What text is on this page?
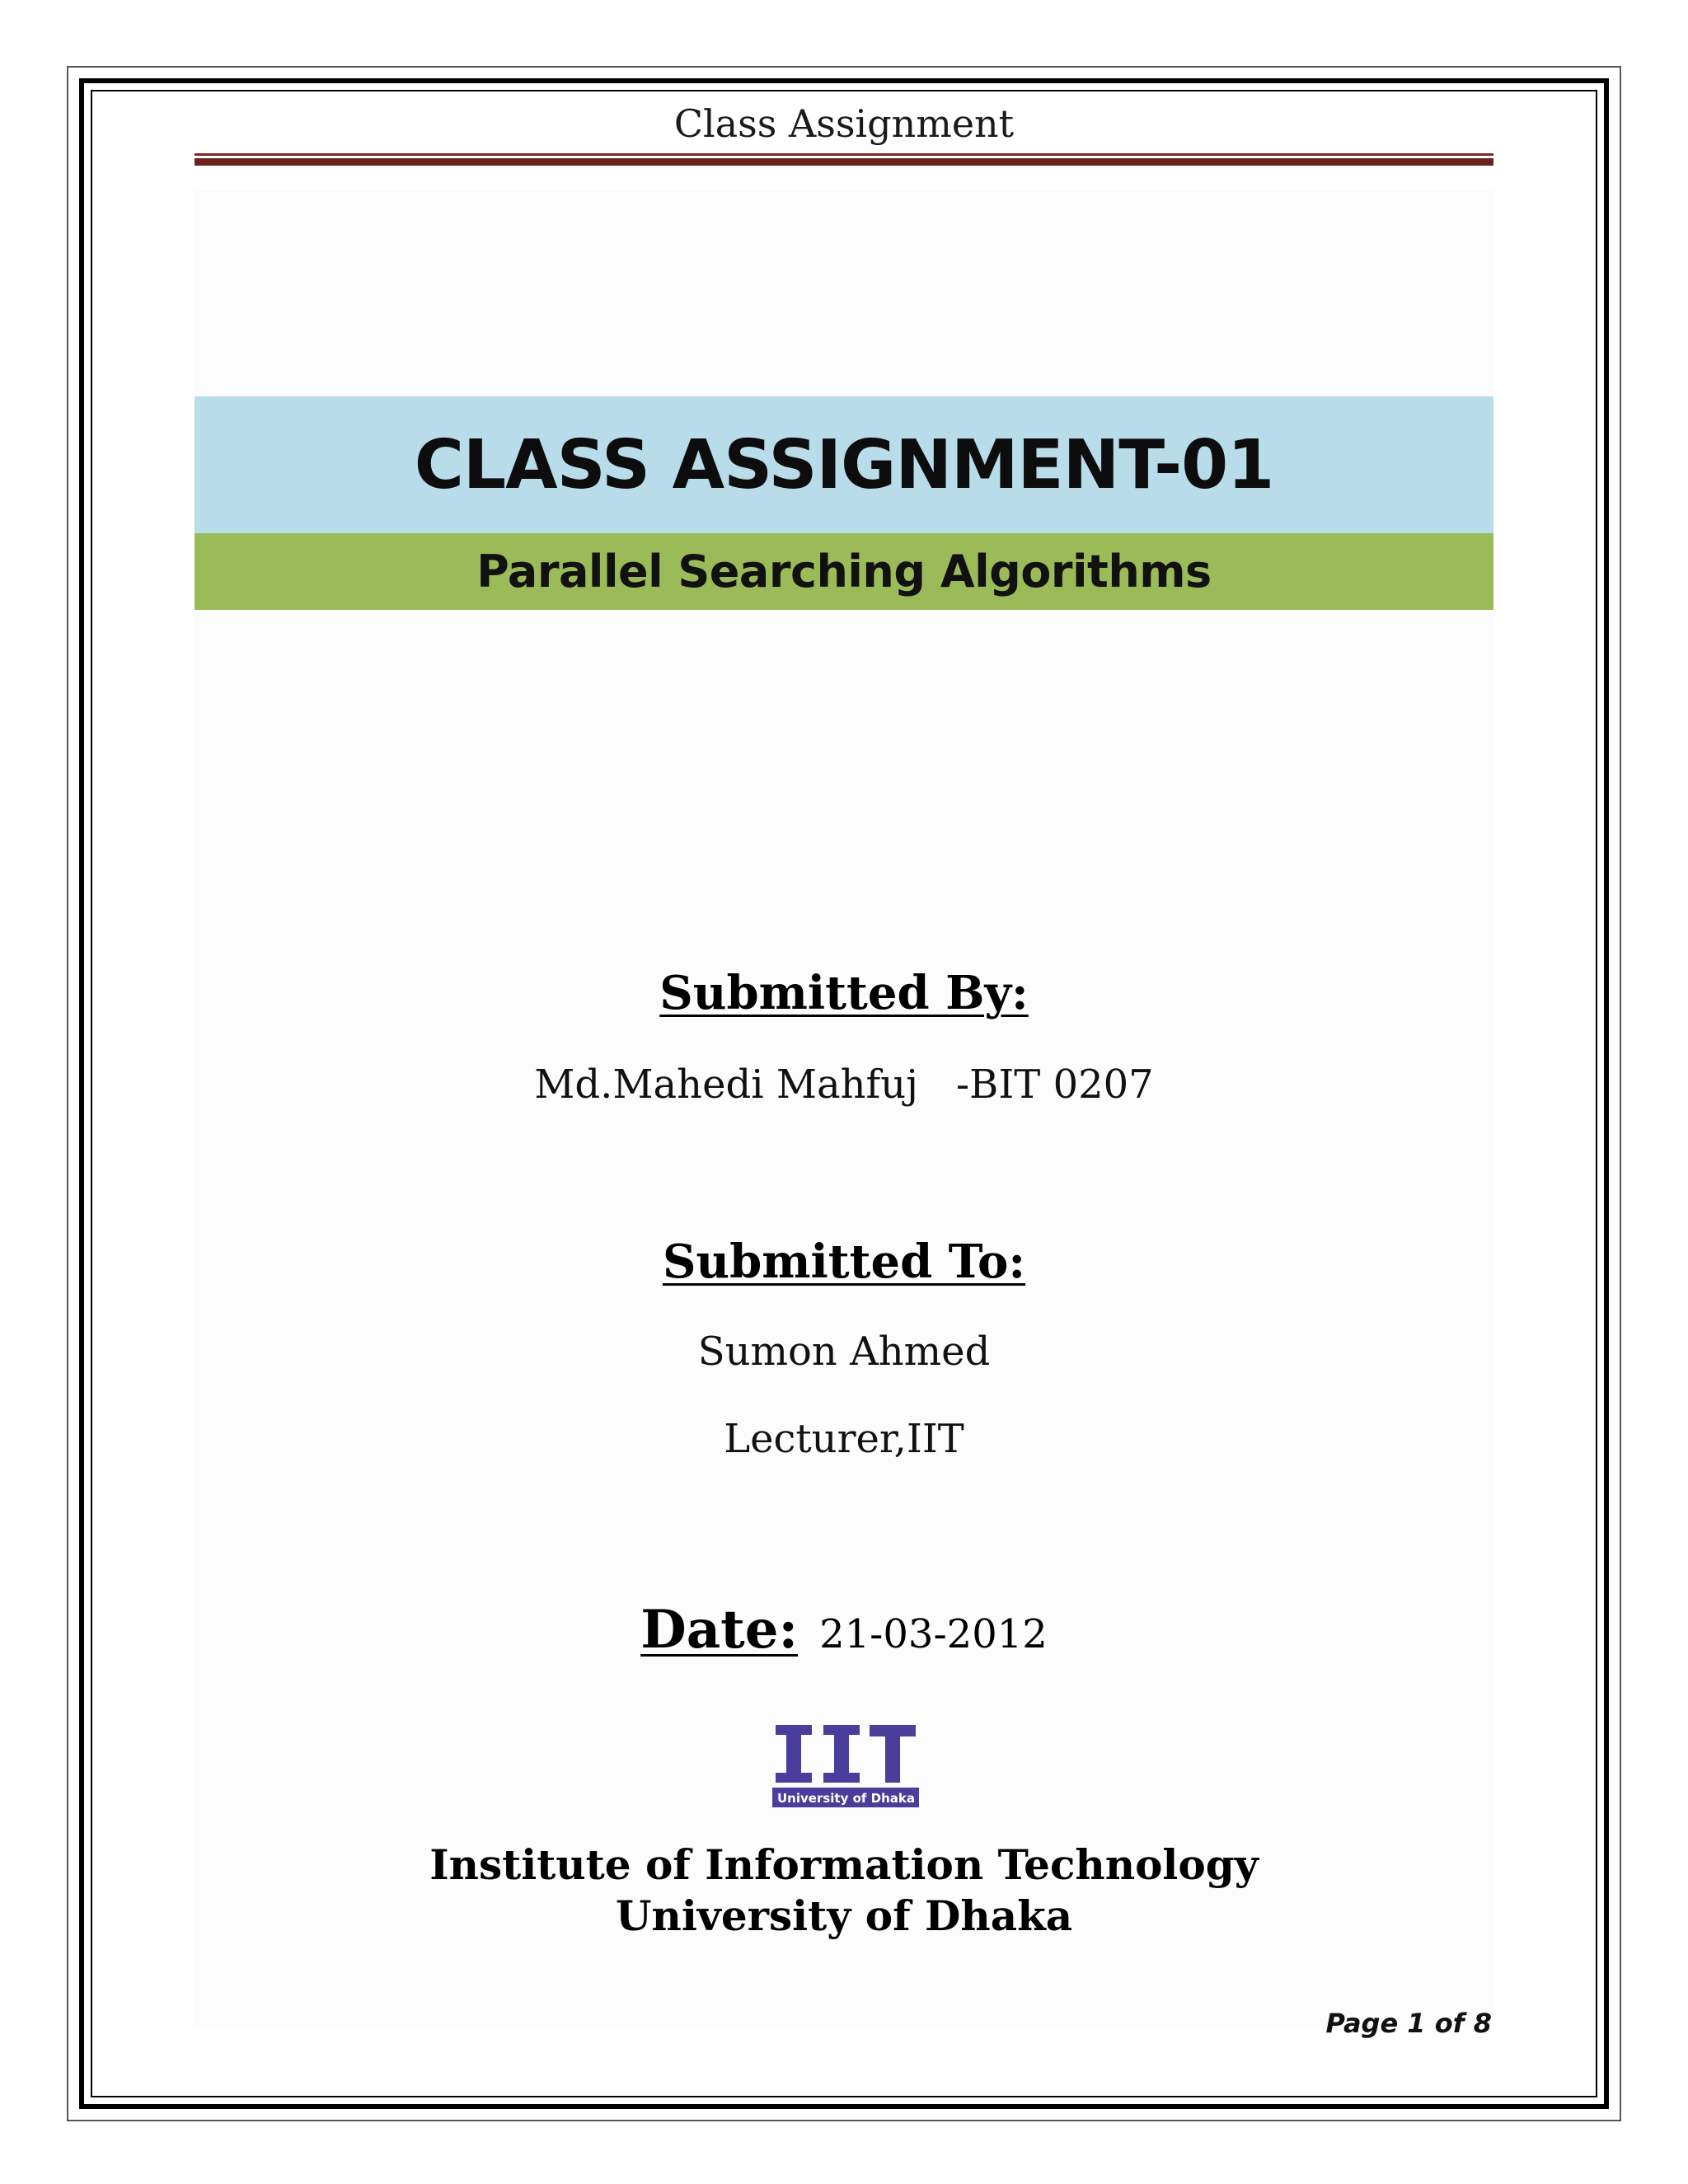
Class Assignment
CLASS ASSIGNMENT-01
Parallel Searching Algorithms
Submitted By:
Md.Mahedi Mahfuj   -BIT 0207
Submitted To:
Sumon Ahmed
Lecturer,IIT
Date: 21-03-2012
University of Dhaka
Institute of Information Technology
University of Dhaka
Page 1 of 8
